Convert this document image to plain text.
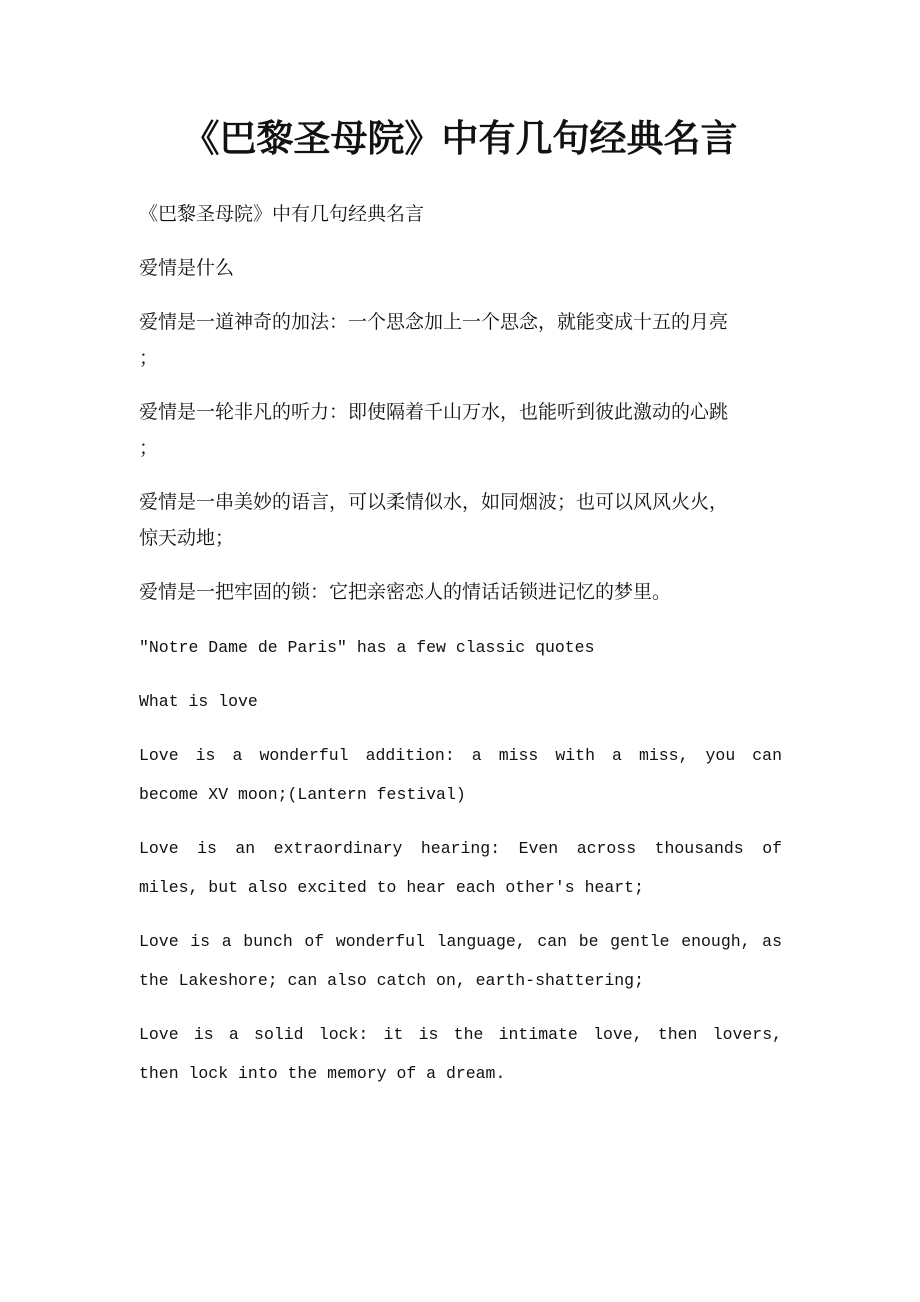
《巴黎圣母院》中有几句经典名言

《巴黎圣母院》中有几句经典名言

爱情是什么

爱情是一道神奇的加法：一个思念加上一个思念，就能变成十五的月亮
；

爱情是一轮非凡的听力：即使隔着千山万水，也能听到彼此激动的心跳
；

爱情是一串美妙的语言，可以柔情似水，如同烟波；也可以风风火火，
惊天动地；

爱情是一把牢固的锁：它把亲密恋人的情话话锁进记忆的梦里。

"Notre Dame de Paris" has a few classic quotes

What is love

Love is a wonderful addition: a miss with a miss, you can
become XV moon;(Lantern festival)

Love is an extraordinary hearing: Even across thousands of
miles, but also excited to hear each other's heart;

Love is a bunch of wonderful language, can be gentle enough, as
the Lakeshore; can also catch on, earth-shattering;

Love is a solid lock: it is the intimate love, then lovers,
then lock into the memory of a dream.
